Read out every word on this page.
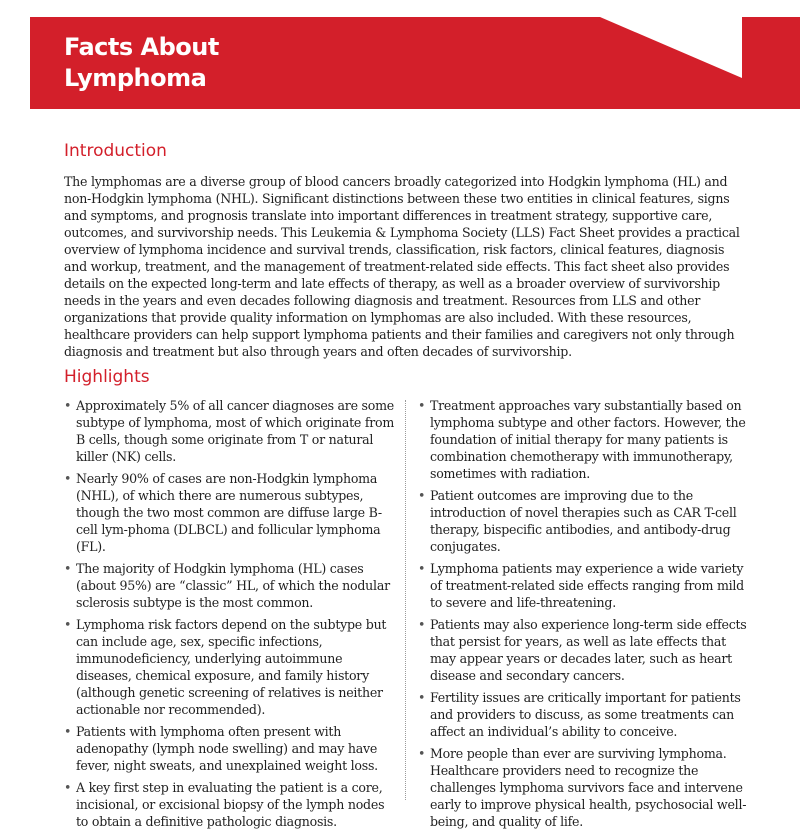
Facts About
Lymphoma
Introduction

The lymphomas are a diverse group of blood cancers broadly categorized into Hodgkin lymphoma (HL) and non-Hodgkin lymphoma (NHL). Significant distinctions between these two entities in clinical features, signs and symptoms, and prognosis translate into important differences in treatment strategy, supportive care, outcomes, and survivorship needs. This Leukemia & Lymphoma Society (LLS) Fact Sheet provides a practical overview of lymphoma incidence and survival trends, classification, risk factors, clinical features, diagnosis and workup, treatment, and the management of treatment-related side effects. This fact sheet also provides details on the expected long-term and late effects of therapy, as well as a broader overview of survivorship needs in the years and even decades following diagnosis and treatment. Resources from LLS and other organizations that provide quality information on lymphomas are also included. With these resources, healthcare providers can help support lymphoma patients and their families and caregivers not only through diagnosis and treatment but also through years and often decades of survivorship.

Highlights
• Approximately 5% of all cancer diagnoses are some subtype of lymphoma, most of which originate from B cells, though some originate from T or natural killer (NK) cells.
• Nearly 90% of cases are non-Hodgkin lymphoma (NHL), of which there are numerous subtypes, though the two most common are diffuse large B-cell lym-phoma (DLBCL) and follicular lymphoma (FL).
• The majority of Hodgkin lymphoma (HL) cases (about 95%) are “classic” HL, of which the nodular sclerosis subtype is the most common.
• Lymphoma risk factors depend on the subtype but can include age, sex, specific infections, immunodeficiency, underlying autoimmune diseases, chemical exposure, and family history (although genetic screening of relatives is neither actionable nor recommended).
• Patients with lymphoma often present with adenopathy (lymph node swelling) and may have fever, night sweats, and unexplained weight loss.
• A key first step in evaluating the patient is a core, incisional, or excisional biopsy of the lymph nodes to obtain a definitive pathologic diagnosis.
• Treatment approaches vary substantially based on lymphoma subtype and other factors. However, the foundation of initial therapy for many patients is combination chemotherapy with immunotherapy, sometimes with radiation.
• Patient outcomes are improving due to the introduction of novel therapies such as CAR T-cell therapy, bispecific antibodies, and antibody-drug conjugates.
• Lymphoma patients may experience a wide variety of treatment-related side effects ranging from mild to severe and life-threatening.
• Patients may also experience long-term side effects that persist for years, as well as late effects that may appear years or decades later, such as heart disease and secondary cancers.
• Fertility issues are critically important for patients and providers to discuss, as some treatments can affect an individual’s ability to conceive.
• More people than ever are surviving lymphoma. Healthcare providers need to recognize the challenges lymphoma survivors face and intervene early to improve physical health, psychosocial well-being, and quality of life.
